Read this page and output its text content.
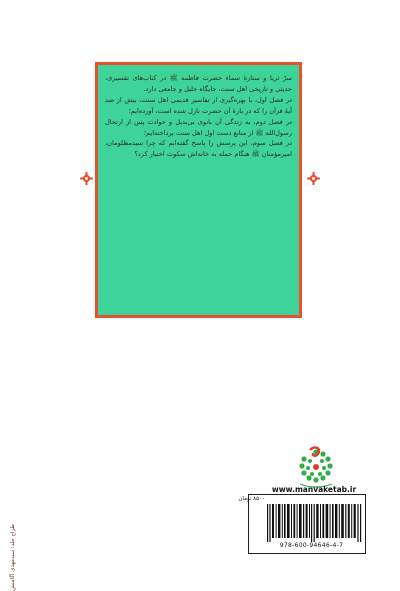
سرّ ثریا و ستارهٔ سماء حضرت فاطمه ﷺ در کتاب‌های تفسیری، حدیثی و تاریخی اهل سنت، جایگاه جلیل و جامعی دارد.

در فصل اول، با بهره‌گیری از تفاسیر قدیمی اهل سنت، بیش از صد آیهٔ قرآن را که در بارهٔ آن حضرت نازل شده است، آورده‌ایم؛

در فصل دوم، به زندگی آن بانوی بی‌بدیل و حوادث پس از ارتحال رسول‌الله ﷺ از منابع دست اول اهل سنت پرداخته‌ایم؛

در فصل سوم، این پرسش را پاسخ گفته‌ایم که چرا سیدمظلومان، امیرمؤمنان ﷺ هنگام حمله به خانه‌اش سکوت اختیار کرد؟

طراح جلد: سیدمهدی آگامنش
www.manvaketab.ir
۸۵۰۰ تومان
978-600-94646-4-7
